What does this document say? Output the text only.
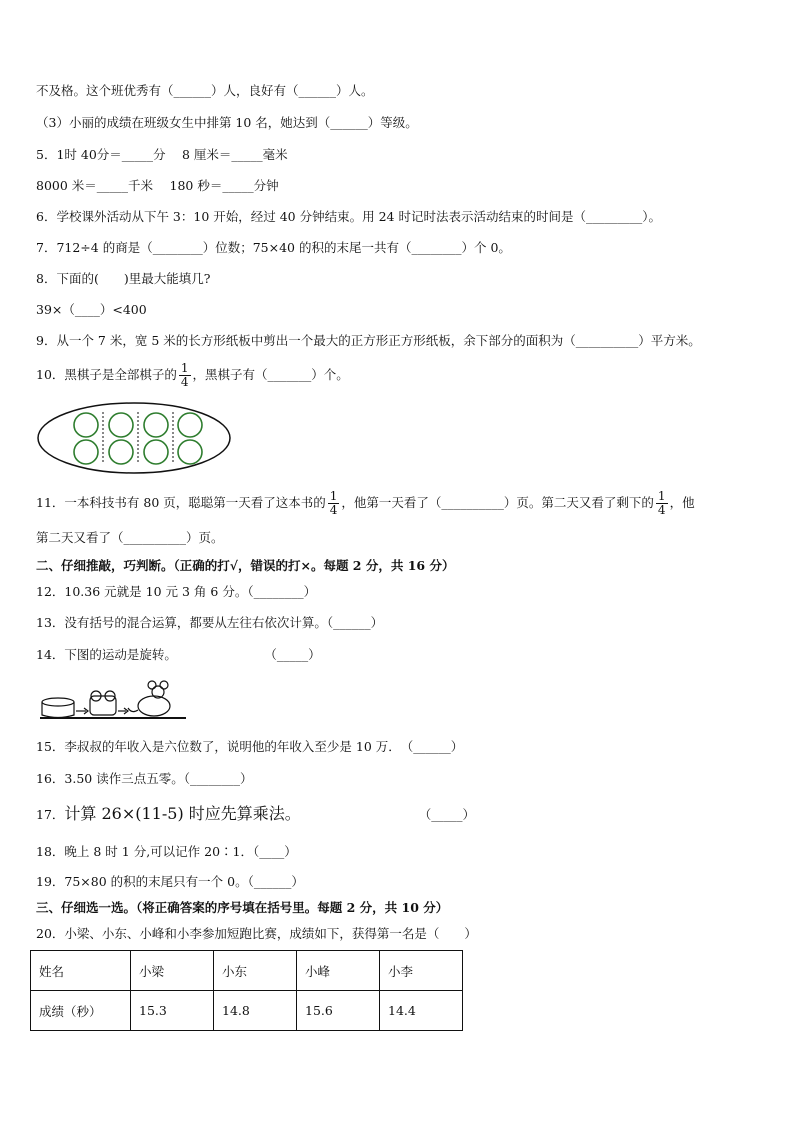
不及格。这个班优秀有（______）人，良好有（______）人。
（3）小丽的成绩在班级女生中排第 10 名，她达到（______）等级。
5．1时 40分＝_____分　 8 厘米＝_____毫米
8000 米＝_____千米　 180 秒＝_____分钟
6．学校课外活动从下午 3：10 开始，经过 40 分钟结束。用 24 时记时法表示活动结束的时间是（_________）。
7．712÷4 的商是（________）位数；75×40 的积的末尾一共有（________）个 0。
8．下面的(　　)里最大能填几?
39×（____）<400
9．从一个 7 米，宽 5 米的长方形纸板中剪出一个最大的正方形正方形纸板，余下部分的面积为（__________）平方米。
10．黑棋子是全部棋子的 $\frac{1}{4}$ ，黑棋子有（_______）个。
11．一本科技书有 80 页，聪聪第一天看了这本书的 $\frac{1}{4}$ ，他第一天看了（__________）页。第二天又看了剩下的 $\frac{1}{4}$ ，他
第二天又看了（__________）页。
二、仔细推敲，巧判断。（正确的打√，错误的打×。每题 2 分，共 16 分）
12．10.36 元就是 10 元 3 角 6 分。（________）
13．没有括号的混合运算，都要从左往右依次计算。（______）
14．下图的运动是旋转。　　　　　　　　（_____）
15．李叔叔的年收入是六位数了，说明他的年收入至少是 10 万．　（______）
16．3.50 读作三点五零。（________）
17．计算 26×(11-5) 时应先算乘法。	（_____）
18．晚上 8 时 1 分,可以记作 20∶1．（____）
19．75×80 的积的末尾只有一个 0。（______）
三、仔细选一选。（将正确答案的序号填在括号里。每题 2 分，共 10 分）
20．小梁、小东、小峰和小李参加短跑比赛，成绩如下，获得第一名是（　　）
姓名	小梁	小东	小峰	小李
成绩（秒）	15.3	14.8	15.6	14.4
